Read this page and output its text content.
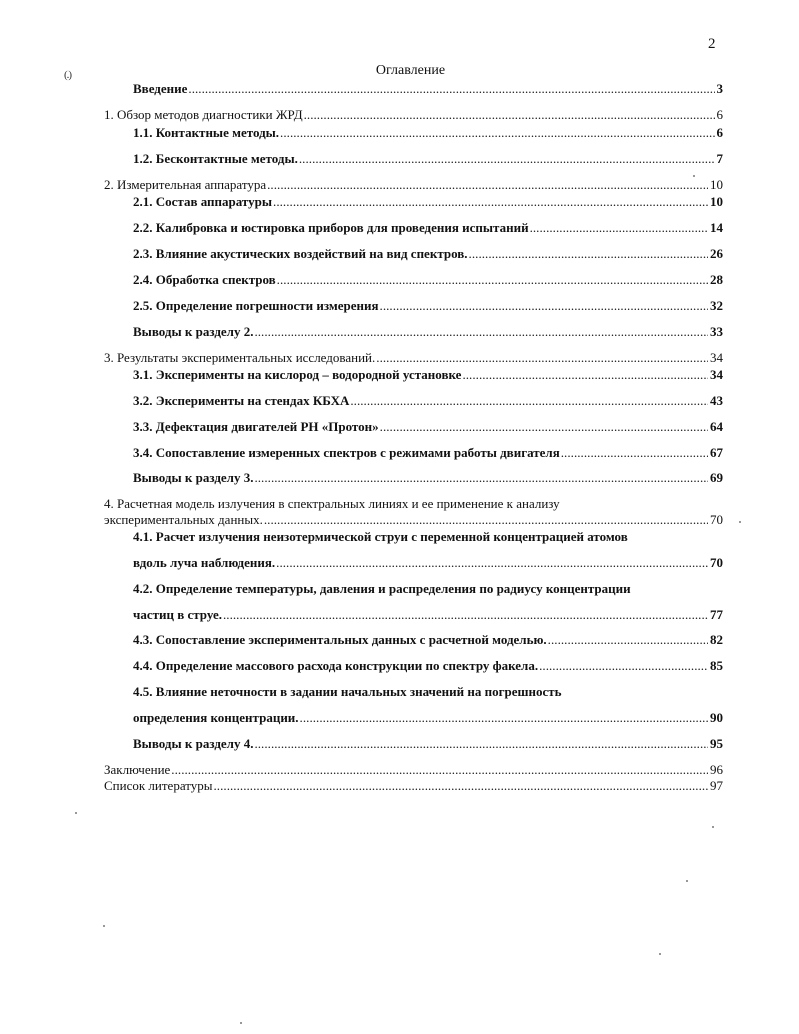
2
(.)	Оглавление
Введение . . .	3
1. Обзор методов диагностики ЖРД . . .	6
1.1. Контактные методы. . . .	6
1.2. Бесконтактные методы. . . .	7
2. Измерительная аппаратура . . .	10
2.1. Состав аппаратуры . . .	10
2.2. Калибровка и юстировка приборов для проведения испытаний . . .	14
2.3. Влияние акустических воздействий на вид спектров. . . .	26
2.4. Обработка спектров . . .	28
2.5. Определение погрешности измерения . . .	32
Выводы к разделу 2. . . .	33
3. Результаты экспериментальных исследований. . . .	34
3.1. Эксперименты на кислород – водородной установке . . .	34
3.2. Эксперименты на стендах КБХА . . .	43
3.3. Дефектация двигателей РН «Протон» . . .	64
3.4. Сопоставление измеренных спектров с режимами работы двигателя . . .	67
Выводы к разделу 3. . . .	69
4. Расчетная модель излучения в спектральных линиях и ее применение к анализу
экспериментальных данных. . . .	70
4.1. Расчет излучения неизотермической струи с переменной концентрацией атомов
вдоль луча наблюдения. . . .	70
4.2. Определение температуры, давления и распределения по радиусу концентрации
частиц в струе. . . .	77
4.3. Сопоставление экспериментальных данных с расчетной моделью. . . .	82
4.4. Определение массового расхода конструкции по спектру факела. . . .	85
4.5. Влияние неточности в задании начальных значений на погрешность
определения концентрации. . . .	90
Выводы к разделу 4. . . .	95
Заключение . . .	96
Список литературы . . .	97
